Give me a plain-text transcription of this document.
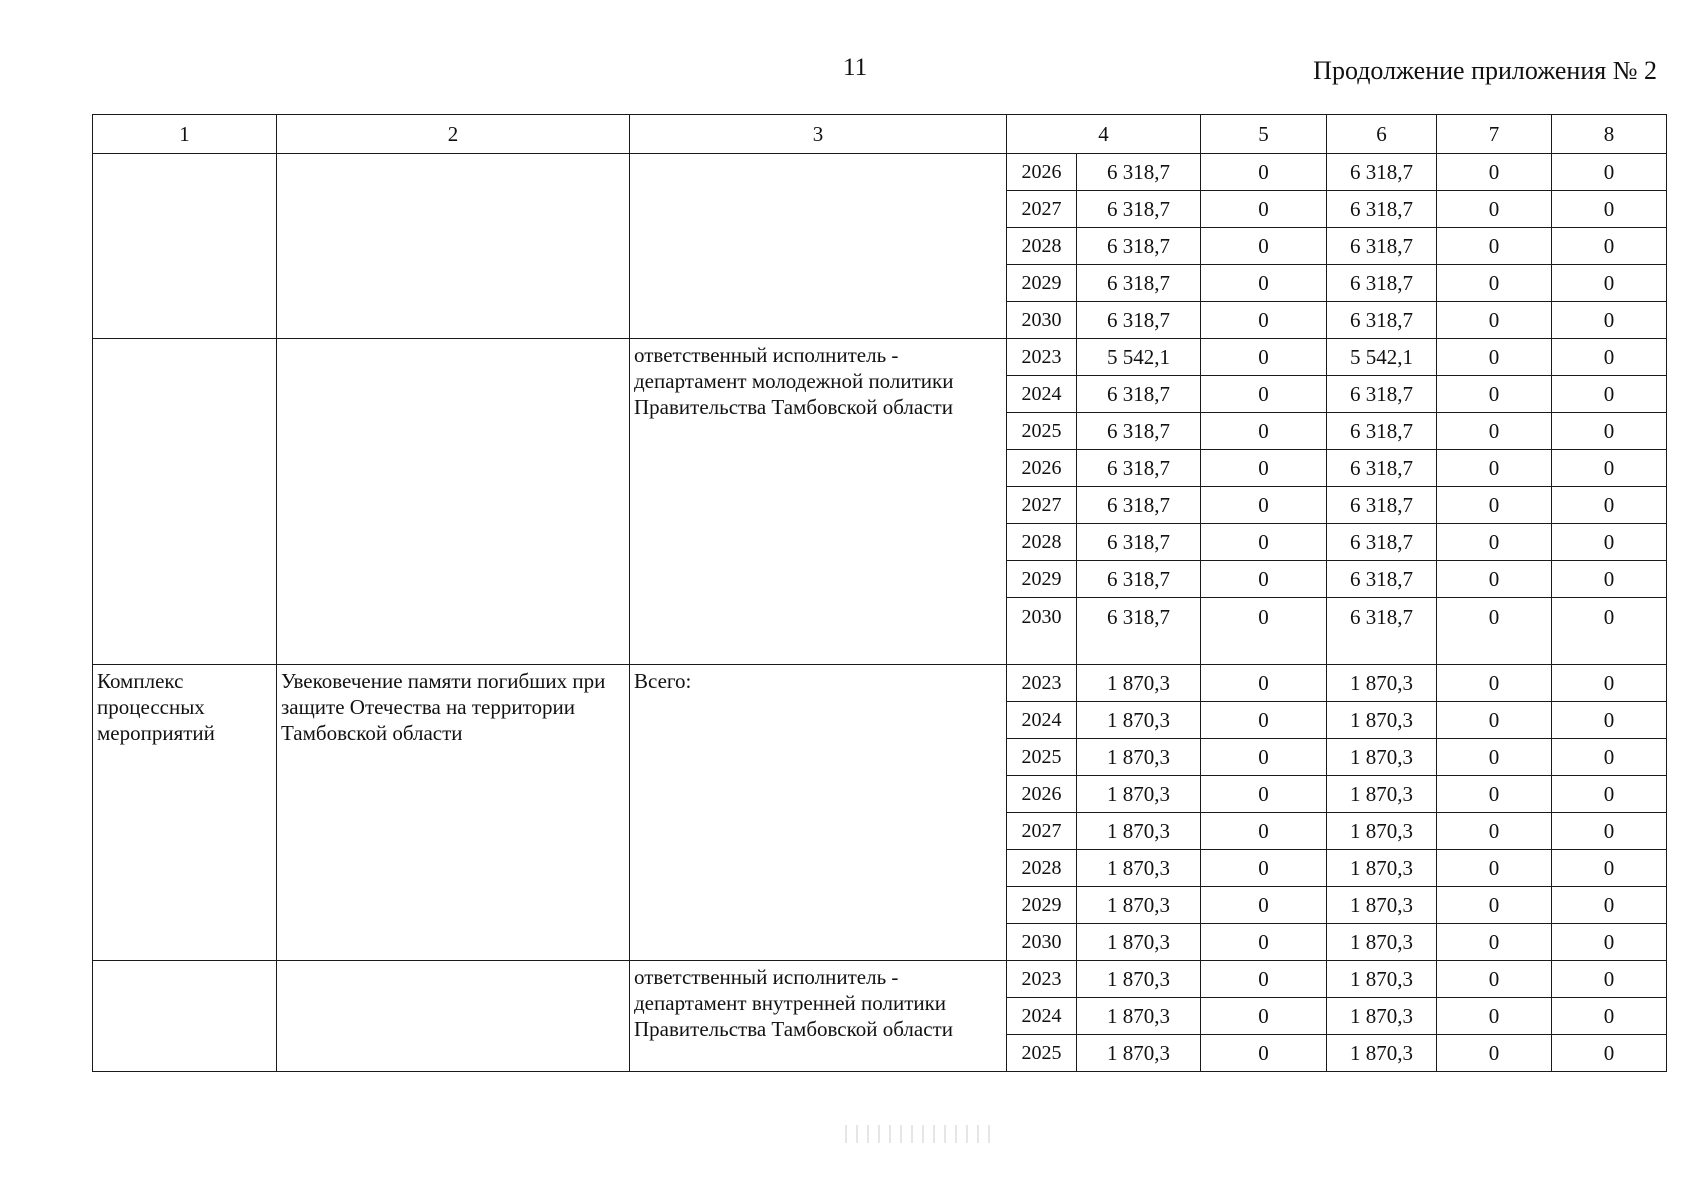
11	Продолжение приложения № 2
1	2	3	4		5	6	7	8
			2026	6 318,7	0	6 318,7	0	0
			2027	6 318,7	0	6 318,7	0	0
			2028	6 318,7	0	6 318,7	0	0
			2029	6 318,7	0	6 318,7	0	0
			2030	6 318,7	0	6 318,7	0	0
		ответственный исполнитель - департамент молодежной политики Правительства Тамбовской области	2023	5 542,1	0	5 542,1	0	0
			2024	6 318,7	0	6 318,7	0	0
			2025	6 318,7	0	6 318,7	0	0
			2026	6 318,7	0	6 318,7	0	0
			2027	6 318,7	0	6 318,7	0	0
			2028	6 318,7	0	6 318,7	0	0
			2029	6 318,7	0	6 318,7	0	0
			2030	6 318,7	0	6 318,7	0	0
Комплекс процессных мероприятий	Увековечение памяти погибших при защите Отечества на территории Тамбовской области	Всего:	2023	1 870,3	0	1 870,3	0	0
			2024	1 870,3	0	1 870,3	0	0
			2025	1 870,3	0	1 870,3	0	0
			2026	1 870,3	0	1 870,3	0	0
			2027	1 870,3	0	1 870,3	0	0
			2028	1 870,3	0	1 870,3	0	0
			2029	1 870,3	0	1 870,3	0	0
			2030	1 870,3	0	1 870,3	0	0
		ответственный исполнитель - департамент внутренней политики Правительства Тамбовской области	2023	1 870,3	0	1 870,3	0	0
			2024	1 870,3	0	1 870,3	0	0
			2025	1 870,3	0	1 870,3	0	0
